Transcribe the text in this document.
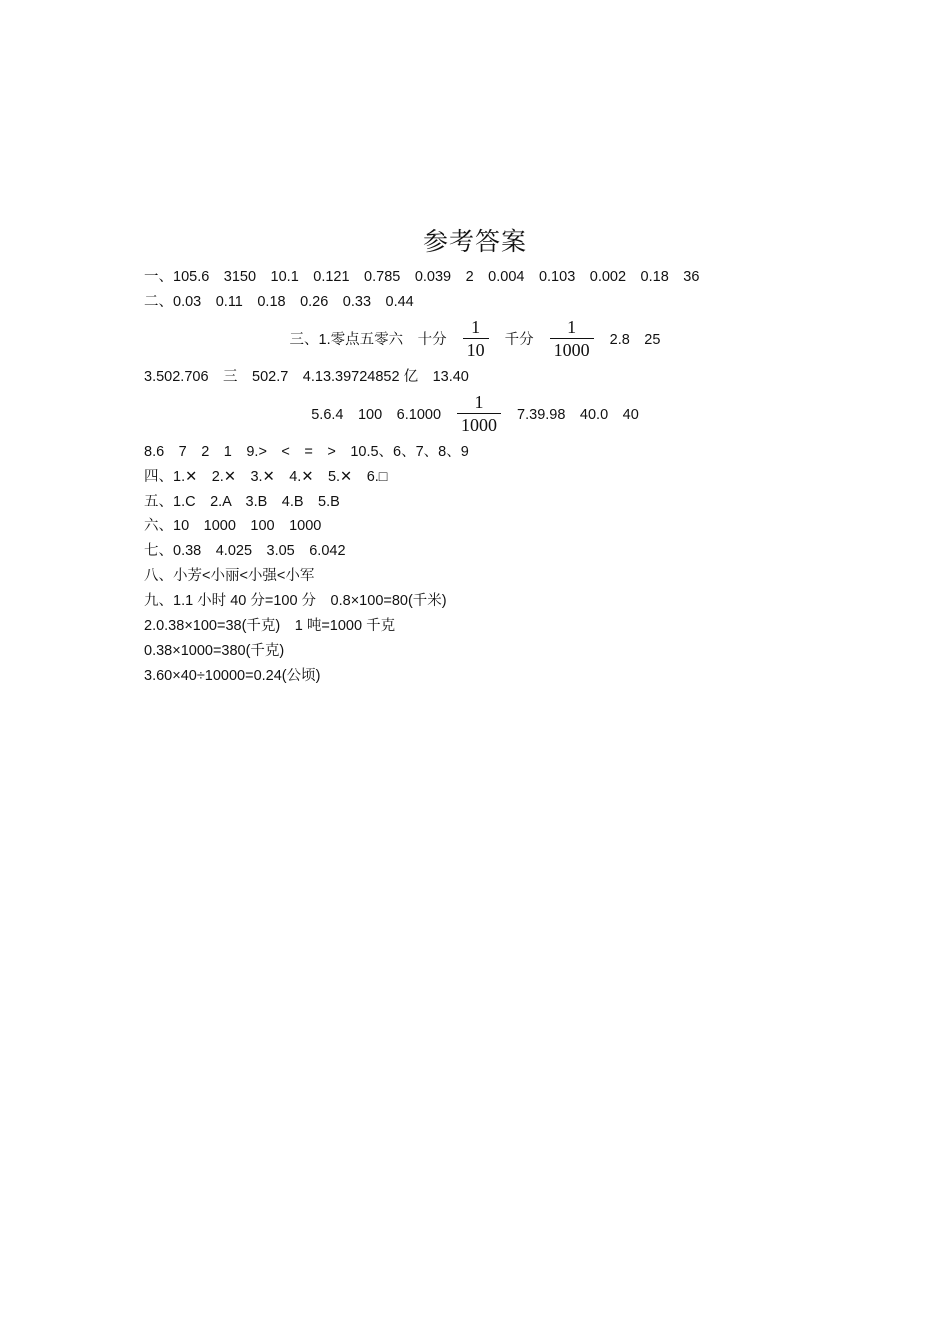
参考答案
一、105.6　3150　10.1　0.121　0.785　0.039　2　0.004　0.103　0.002　0.18　36
二、0.03　0.11　0.18　0.26　0.33　0.44
三、1.零点五零六　十分 $\frac{1}{10}$ 千分 $\frac{1}{1000} 2.8$　25
3.502.706　三　502.7　4.13.39724852 亿　13.40
5.6.4　100　$6.1000 \frac{1}{1000} 7.39.98$　40.0　40
8.6　7　2　1　9.>　<　=　>　10.5、6、7、8、9
四、1.✕　2.✕　3.✕　4.✕　5.✕　6.□
五、1.C　2.A　3.B　4.B　5.B
六、10　1000　100　1000
七、0.38　4.025　3.05　6.042
八、小芳<小丽<小强<小军
九、1.1 小时 40 分=100 分　0.8×100=80(千米)
2.0.38×100=38(千克)　1 吨=1000 千克
0.38×1000=380(千克)
3.60×40÷10000=0.24(公顷)
